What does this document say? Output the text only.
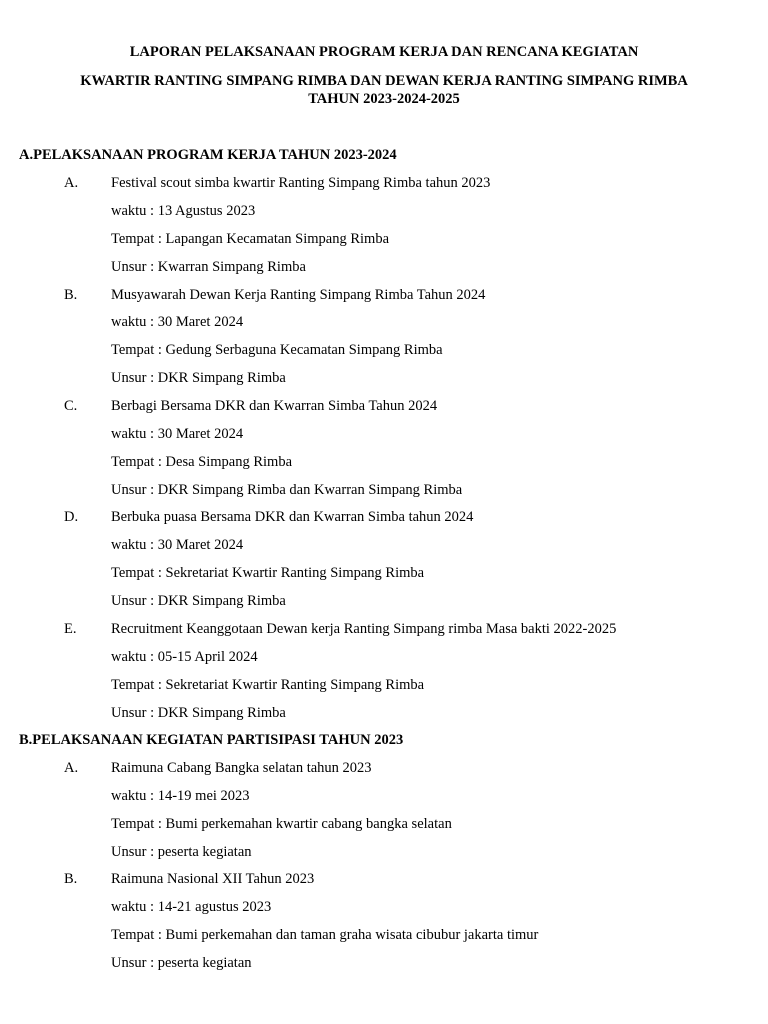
LAPORAN PELAKSANAAN PROGRAM KERJA DAN RENCANA KEGIATAN
KWARTIR RANTING SIMPANG RIMBA DAN DEWAN KERJA RANTING SIMPANG RIMBA
TAHUN 2023-2024-2025
A.PELAKSANAAN PROGRAM KERJA TAHUN 2023-2024
A. Festival scout simba kwartir Ranting Simpang Rimba tahun 2023
waktu : 13 Agustus 2023
Tempat : Lapangan Kecamatan Simpang Rimba
Unsur : Kwarran Simpang Rimba
B. Musyawarah Dewan Kerja Ranting Simpang Rimba Tahun 2024
waktu : 30 Maret 2024
Tempat : Gedung Serbaguna Kecamatan Simpang Rimba
Unsur : DKR Simpang Rimba
C. Berbagi Bersama DKR dan Kwarran Simba Tahun 2024
waktu : 30 Maret 2024
Tempat : Desa Simpang Rimba
Unsur : DKR Simpang Rimba dan Kwarran Simpang Rimba
D. Berbuka puasa Bersama DKR dan Kwarran Simba tahun 2024
waktu : 30 Maret 2024
Tempat : Sekretariat Kwartir Ranting Simpang Rimba
Unsur : DKR Simpang Rimba
E. Recruitment Keanggotaan Dewan kerja Ranting Simpang rimba Masa bakti 2022-2025
waktu : 05-15 April 2024
Tempat : Sekretariat Kwartir Ranting Simpang Rimba
Unsur : DKR Simpang Rimba
B.PELAKSANAAN KEGIATAN PARTISIPASI TAHUN 2023
A. Raimuna Cabang Bangka selatan tahun 2023
waktu : 14-19 mei 2023
Tempat : Bumi perkemahan kwartir cabang bangka selatan
Unsur : peserta kegiatan
B. Raimuna Nasional XII Tahun 2023
waktu : 14-21 agustus 2023
Tempat : Bumi perkemahan dan taman graha wisata cibubur jakarta timur
Unsur : peserta kegiatan
